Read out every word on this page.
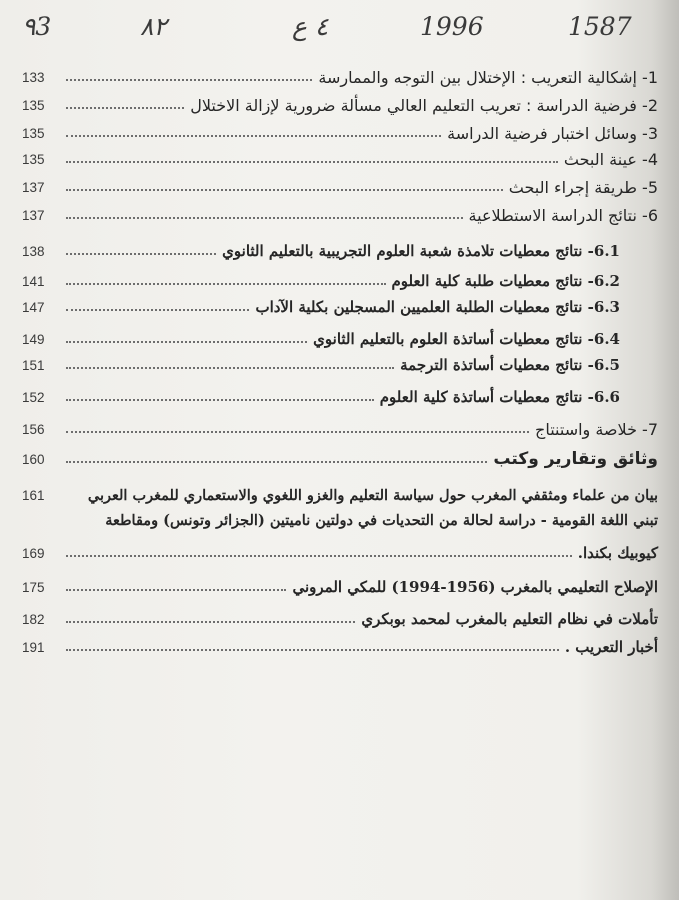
٩3	٨٢	٤ ع	1996	1587
133	1- إشكالية التعريب : الإختلال بين التوجه والممارسة
135	2- فرضية الدراسة : تعريب التعليم العالي مسألة ضرورية لإزالة الاختلال
135	3- وسائل اختبار فرضية الدراسة
135	4- عينة البحث
137	5- طريقة إجراء البحث
137	6- نتائج الدراسة الاستطلاعية
138	6.1- نتائج معطيات تلامذة شعبة العلوم التجريبية بالتعليم الثانوي
141	6.2- نتائج معطيات طلبة كلية العلوم
147	6.3- نتائج معطيات الطلبة العلميين المسجلين بكلية الآداب
149	6.4- نتائج معطيات أساتذة العلوم بالتعليم الثانوي
151	6.5- نتائج معطيات أساتذة الترجمة
152	6.6- نتائج معطيات أساتذة كلية العلوم
156	7- خلاصة واستنتاج
160	وثائق وتقارير وكتب
161	بيان من علماء ومثقفي المغرب حول سياسة التعليم والغزو اللغوي والاستعماري للمغرب العربي
تبني اللغة القومية - دراسة لحالة من التحديات في دولتين ناميتين (الجزائر وتونس) ومقاطعة
169	كيوبيك بكندا.
175	الإصلاح التعليمي بالمغرب (1956-1994) للمكي المروني
182	تأملات في نظام التعليم بالمغرب لمحمد بوبكري
191	أخبار التعريب .
